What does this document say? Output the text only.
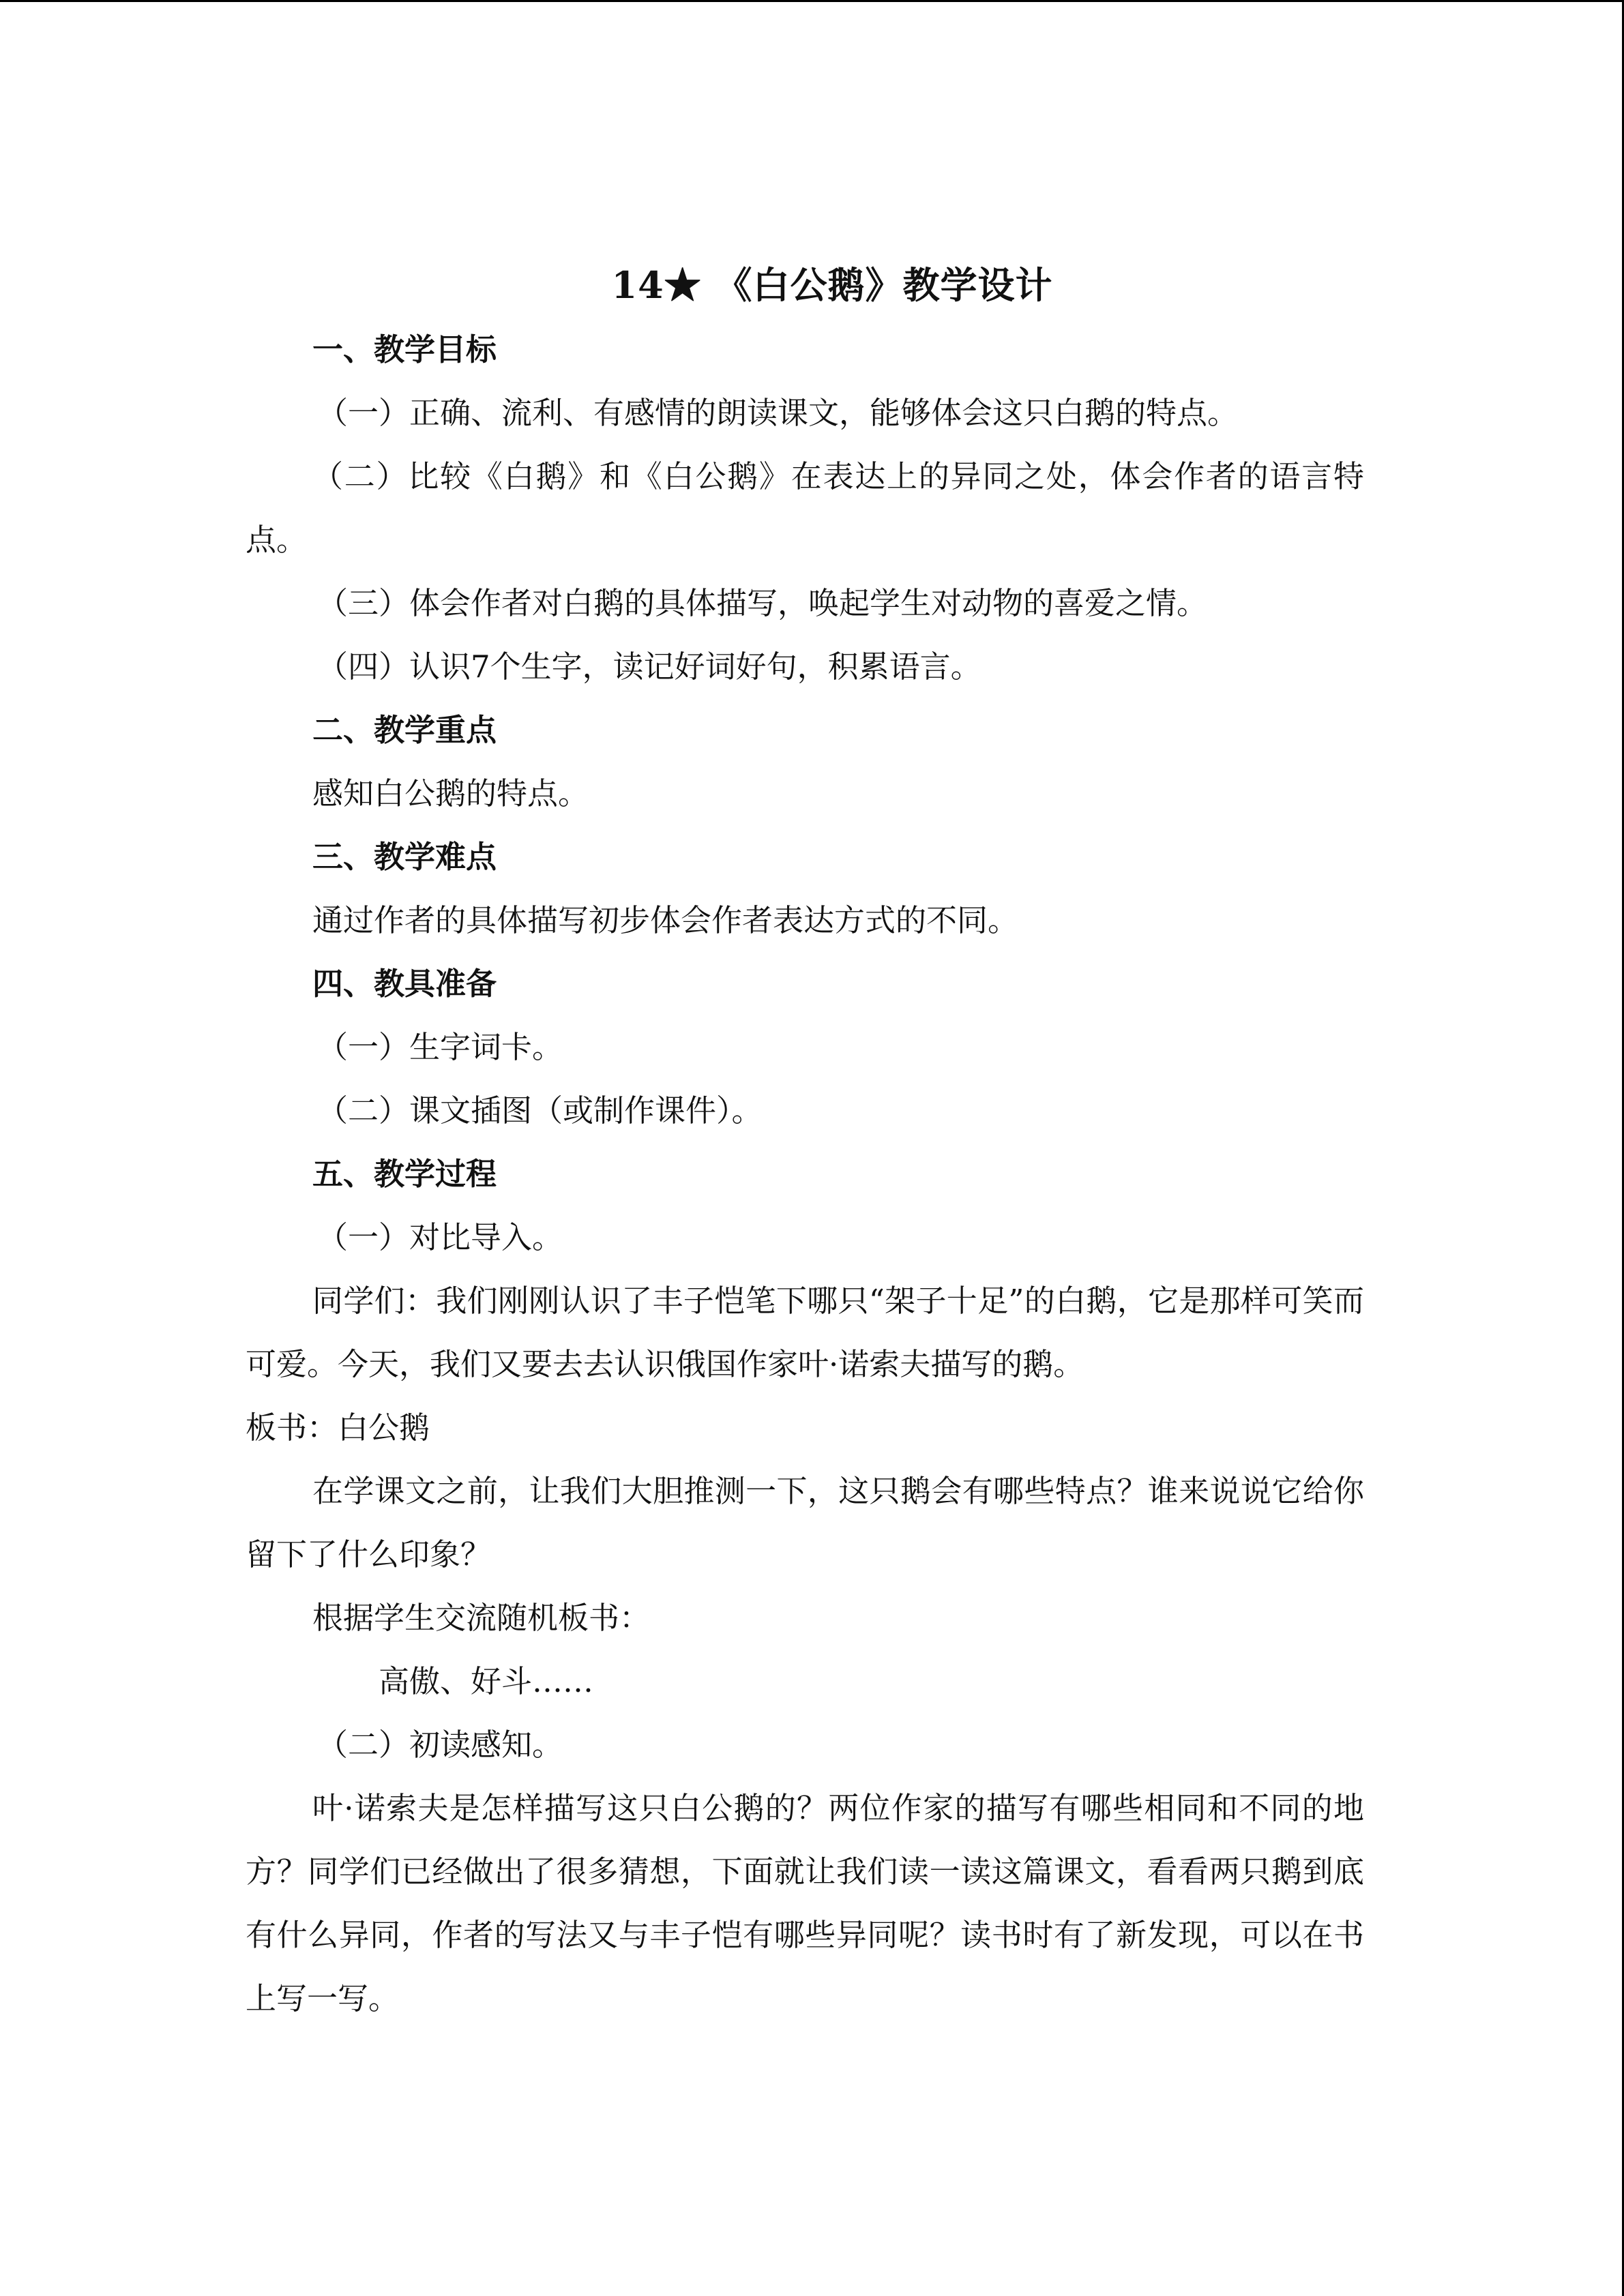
14★ 《白公鹅》教学设计
一、教学目标
（一）正确、流利、有感情的朗读课文，能够体会这只白鹅的特点。
（二）比较《白鹅》和《白公鹅》在表达上的异同之处，体会作者的语言特点。
（三）体会作者对白鹅的具体描写，唤起学生对动物的喜爱之情。
（四）认识7个生字，读记好词好句，积累语言。
二、教学重点
感知白公鹅的特点。
三、教学难点
通过作者的具体描写初步体会作者表达方式的不同。
四、教具准备
（一）生字词卡。
（二）课文插图（或制作课件）。
五、教学过程
（一）对比导入。
同学们：我们刚刚认识了丰子恺笔下哪只“架子十足”的白鹅，它是那样可笑而可爱。今天，我们又要去去认识俄国作家叶·诺索夫描写的鹅。
板书：白公鹅
在学课文之前，让我们大胆推测一下，这只鹅会有哪些特点？谁来说说它给你留下了什么印象？
根据学生交流随机板书：
高傲、好斗……
（二）初读感知。
叶·诺索夫是怎样描写这只白公鹅的？两位作家的描写有哪些相同和不同的地方？同学们已经做出了很多猜想，下面就让我们读一读这篇课文，看看两只鹅到底有什么异同，作者的写法又与丰子恺有哪些异同呢？读书时有了新发现，可以在书上写一写。
